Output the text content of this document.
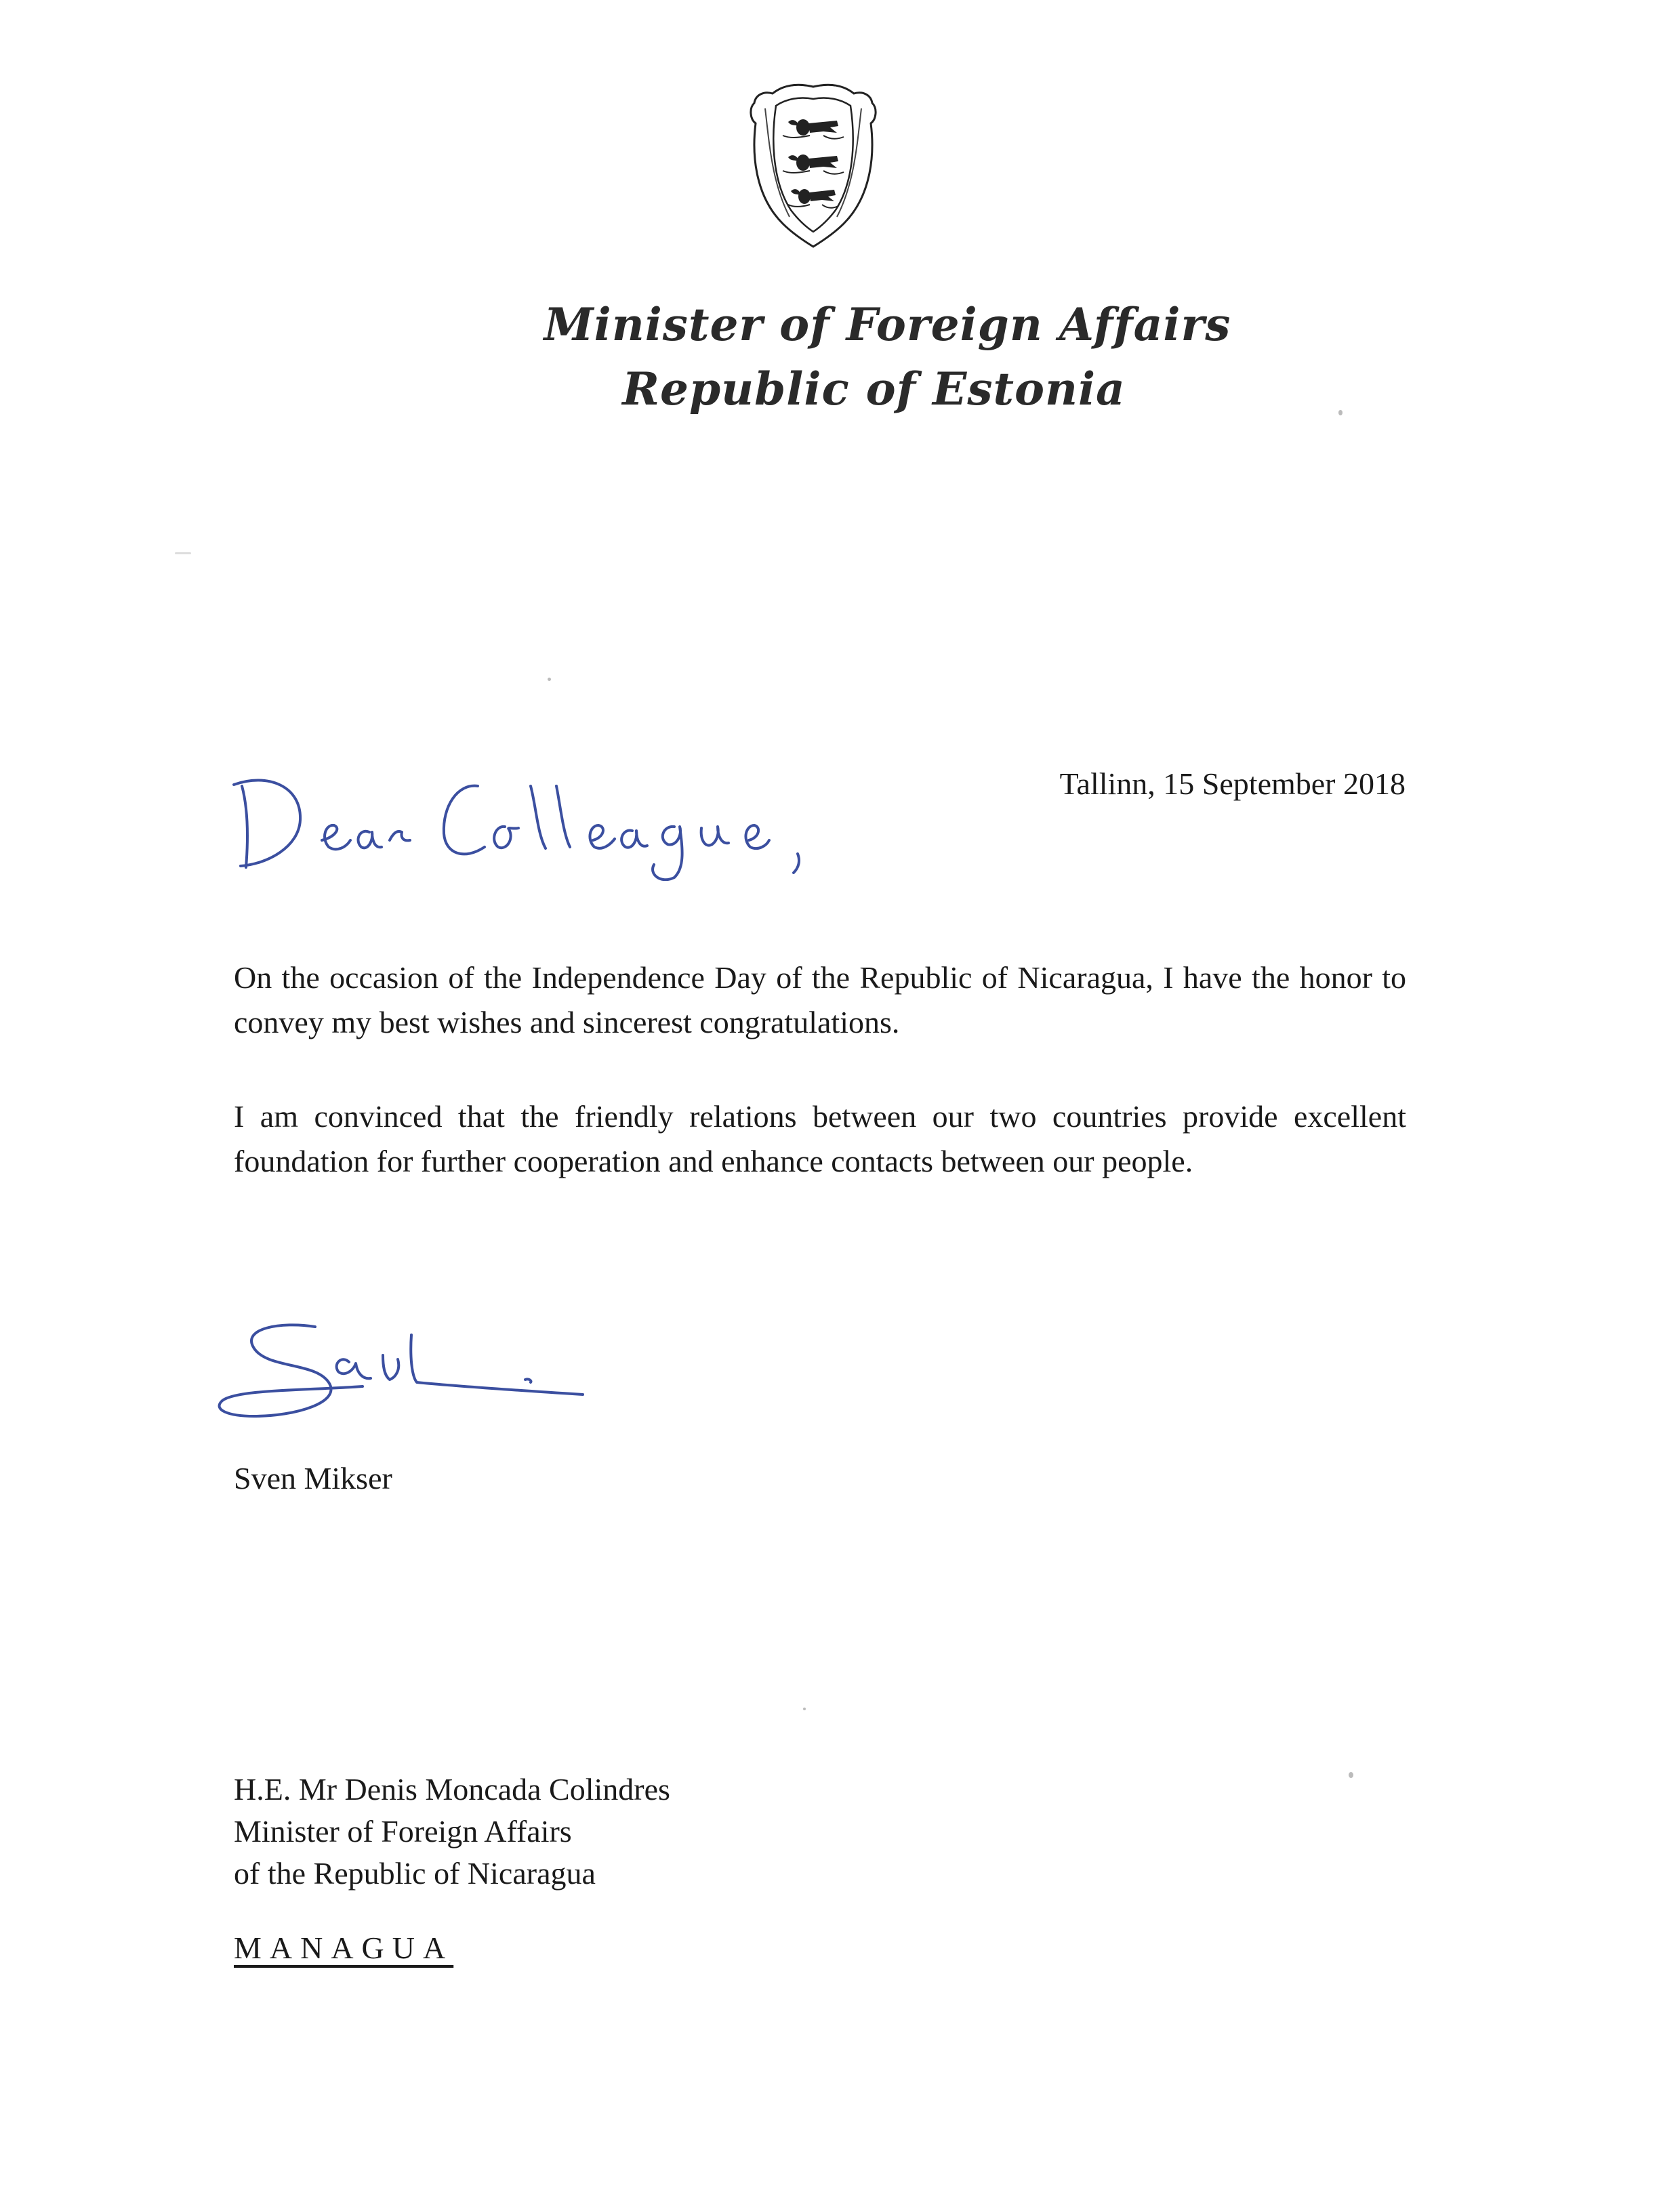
Minister of Foreign Affairs
Republic of Estonia
Tallinn, 15 September 2018

On the occasion of the Independence Day of the Republic of Nicaragua, I have the honor to convey my best wishes and sincerest congratulations.

I am convinced that the friendly relations between our two countries provide excellent foundation for further cooperation and enhance contacts between our people.

Sven Mikser
H.E. Mr Denis Moncada Colindres
Minister of Foreign Affairs
of the Republic of Nicaragua
MANAGUA
